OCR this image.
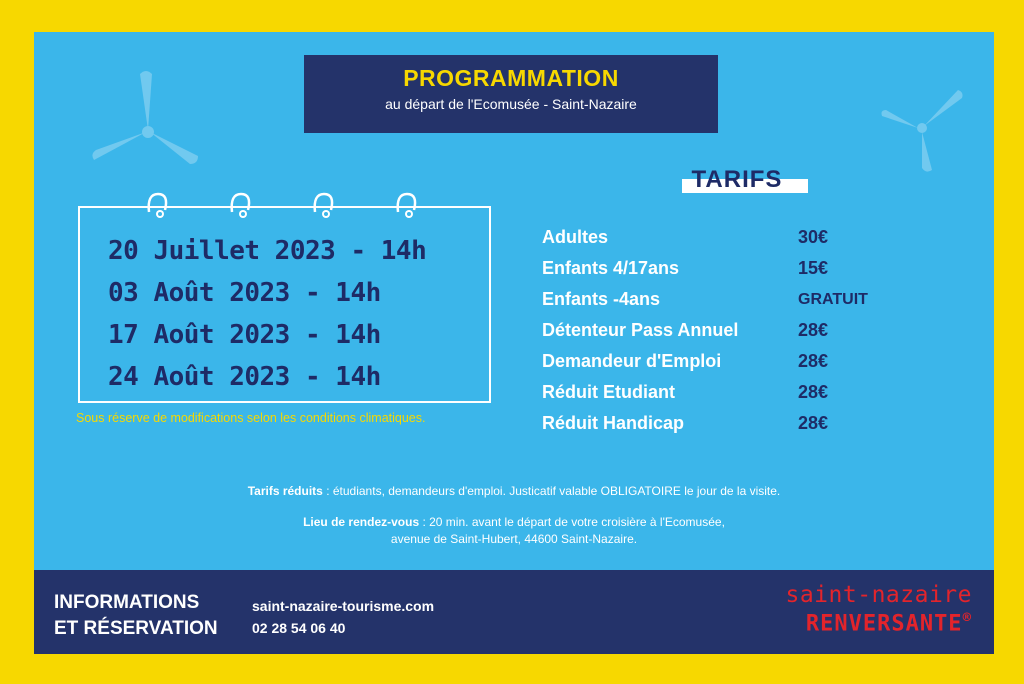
PROGRAMMATION
au départ de l'Ecomusée - Saint-Nazaire
20 Juillet 2023 - 14h
03 Août 2023 - 14h
17 Août 2023 - 14h
24 Août 2023 - 14h
Sous réserve de modifications selon les conditions climatiques.
TARIFS
Adultes	30€
Enfants 4/17ans	15€
Enfants -4ans	GRATUIT
Détenteur Pass Annuel	28€
Demandeur d'Emploi	28€
Réduit Etudiant	28€
Réduit Handicap	28€
Tarifs réduits : étudiants, demandeurs d'emploi. Justicatif valable OBLIGATOIRE le jour de la visite.
Lieu de rendez-vous : 20 min. avant le départ de votre croisière à l'Ecomusée,
avenue de Saint-Hubert, 44600 Saint-Nazaire.
INFORMATIONS
ET RÉSERVATION
saint-nazaire-tourisme.com
02 28 54 06 40
saint-nazaire
RENVERSANTE®
